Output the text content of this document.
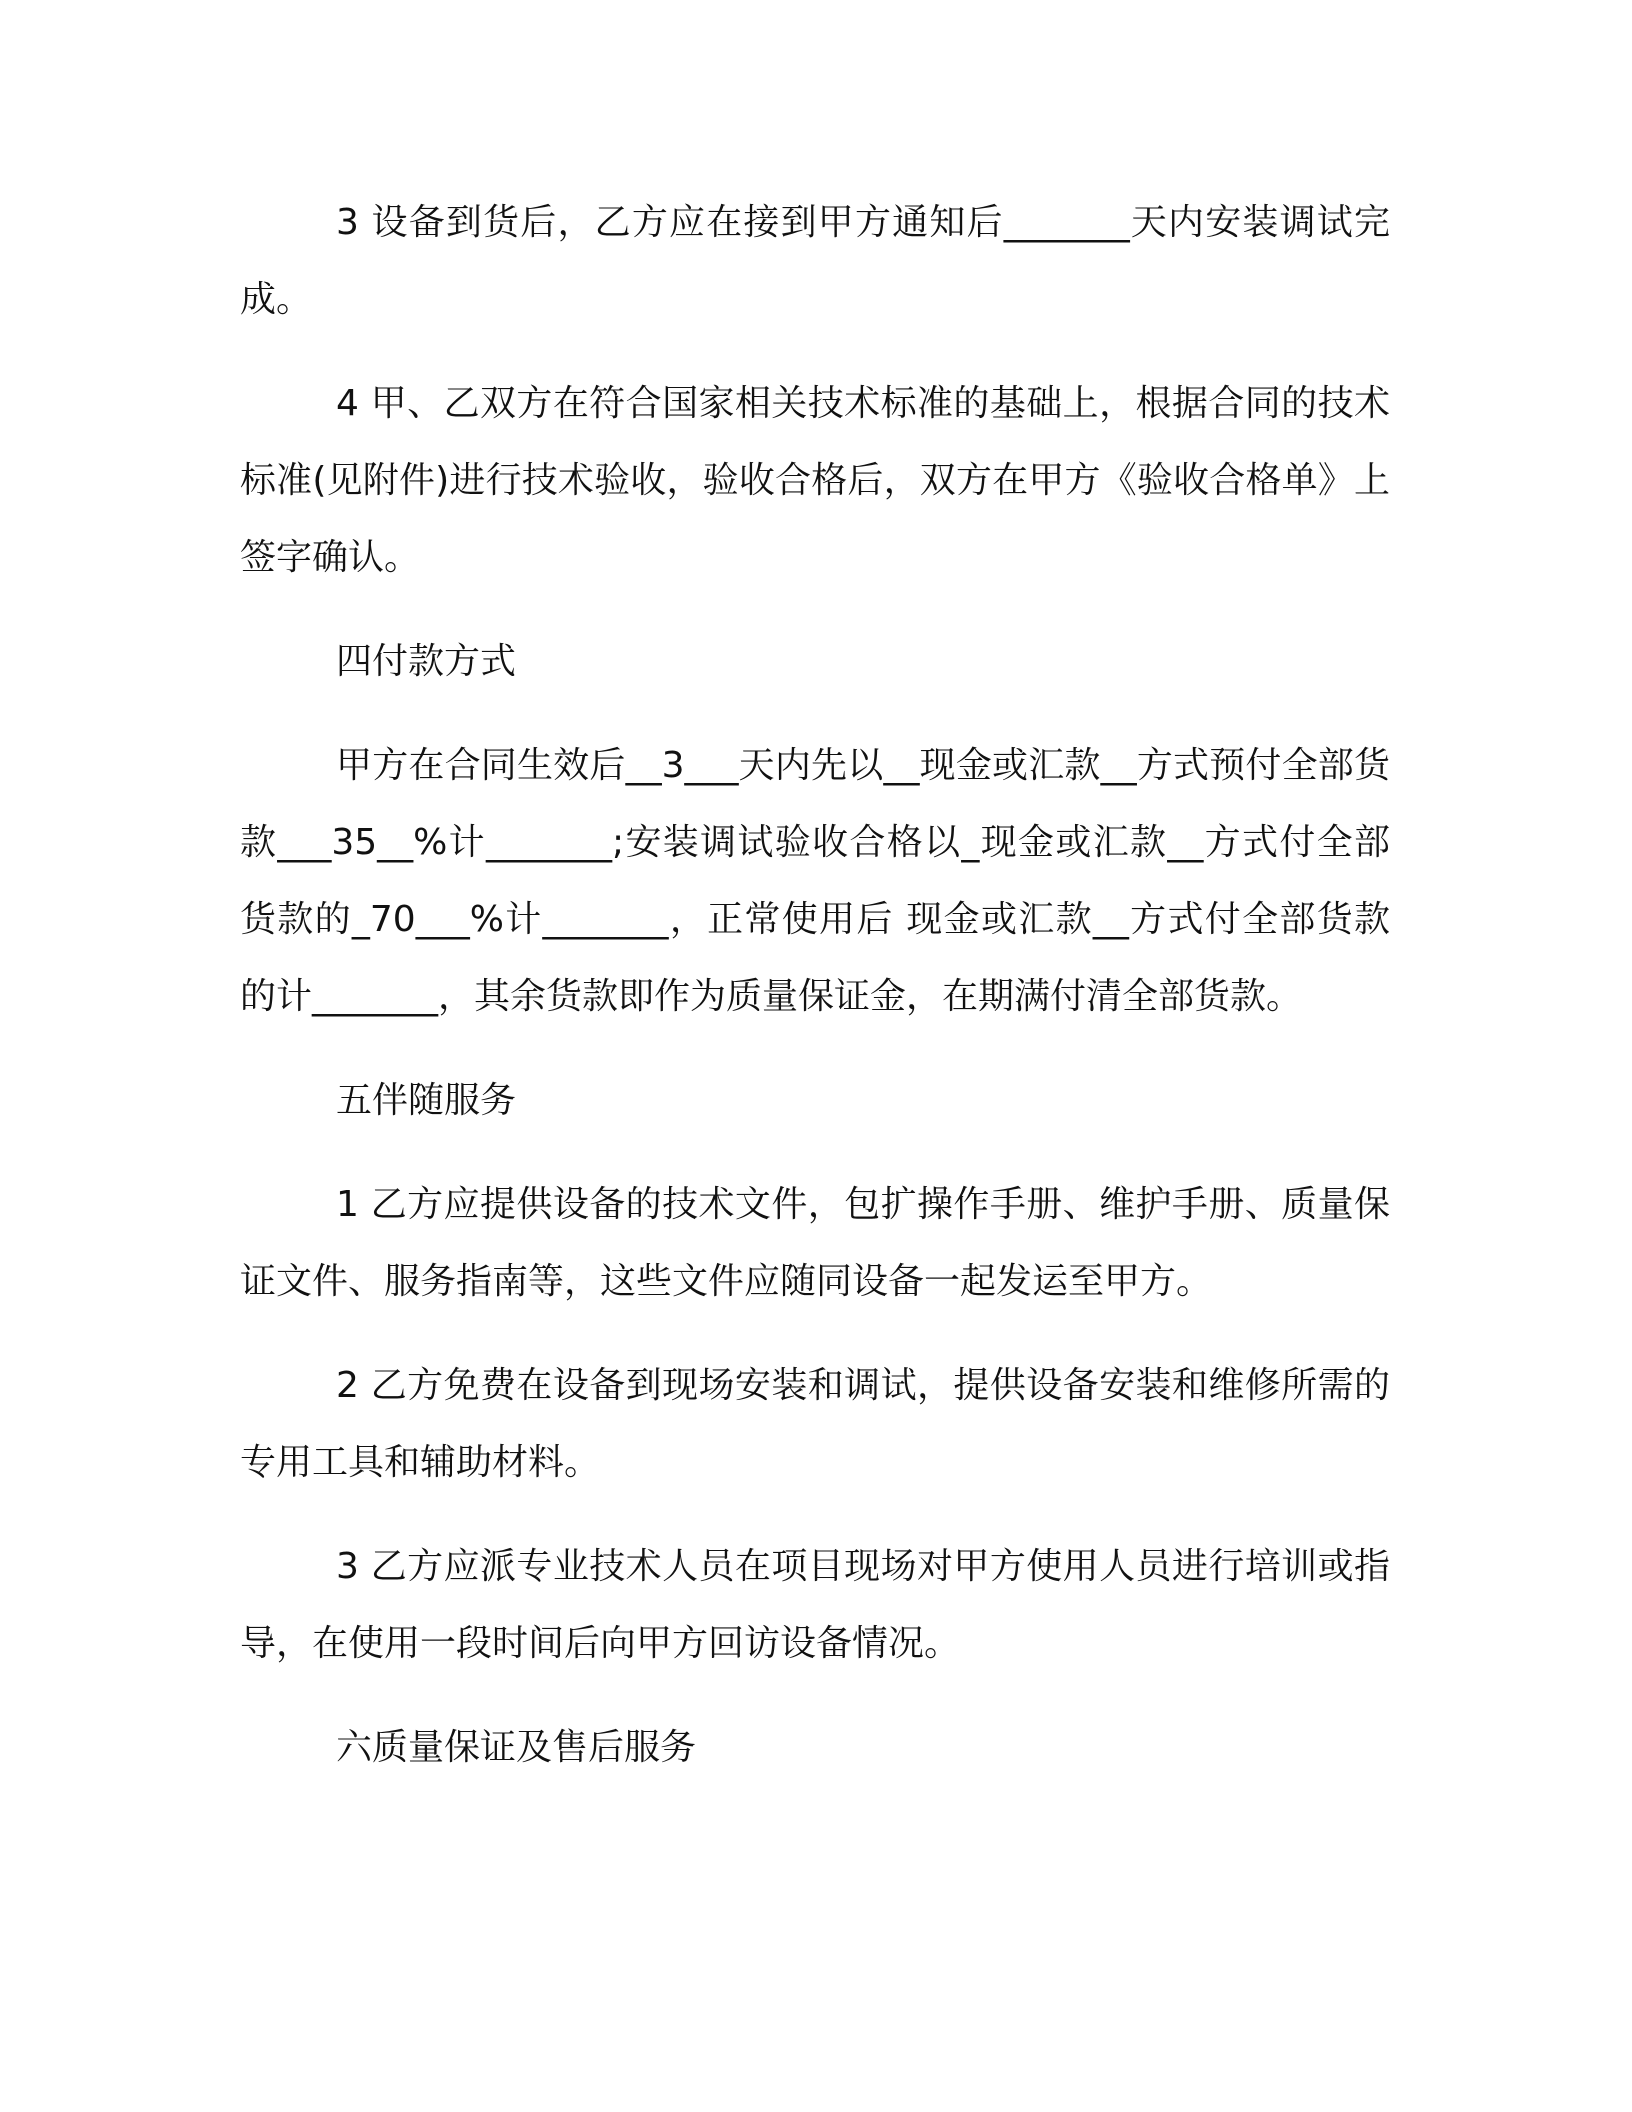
3 设备到货后，乙方应在接到甲方通知后_______天内安装调试完成。

4 甲、乙双方在符合国家相关技术标准的基础上，根据合同的技术标准(见附件)进行技术验收，验收合格后，双方在甲方《验收合格单》上签字确认。

四付款方式

甲方在合同生效后__3___天内先以__现金或汇款__方式预付全部货款___35__%计_______;安装调试验收合格以_现金或汇款__方式付全部货款的_70___%计_______，正常使用后 现金或汇款__方式付全部货款的计_______，其余货款即作为质量保证金，在期满付清全部货款。

五伴随服务

1 乙方应提供设备的技术文件，包扩操作手册、维护手册、质量保证文件、服务指南等，这些文件应随同设备一起发运至甲方。

2 乙方免费在设备到现场安装和调试，提供设备安装和维修所需的专用工具和辅助材料。

3 乙方应派专业技术人员在项目现场对甲方使用人员进行培训或指导，在使用一段时间后向甲方回访设备情况。

六质量保证及售后服务
